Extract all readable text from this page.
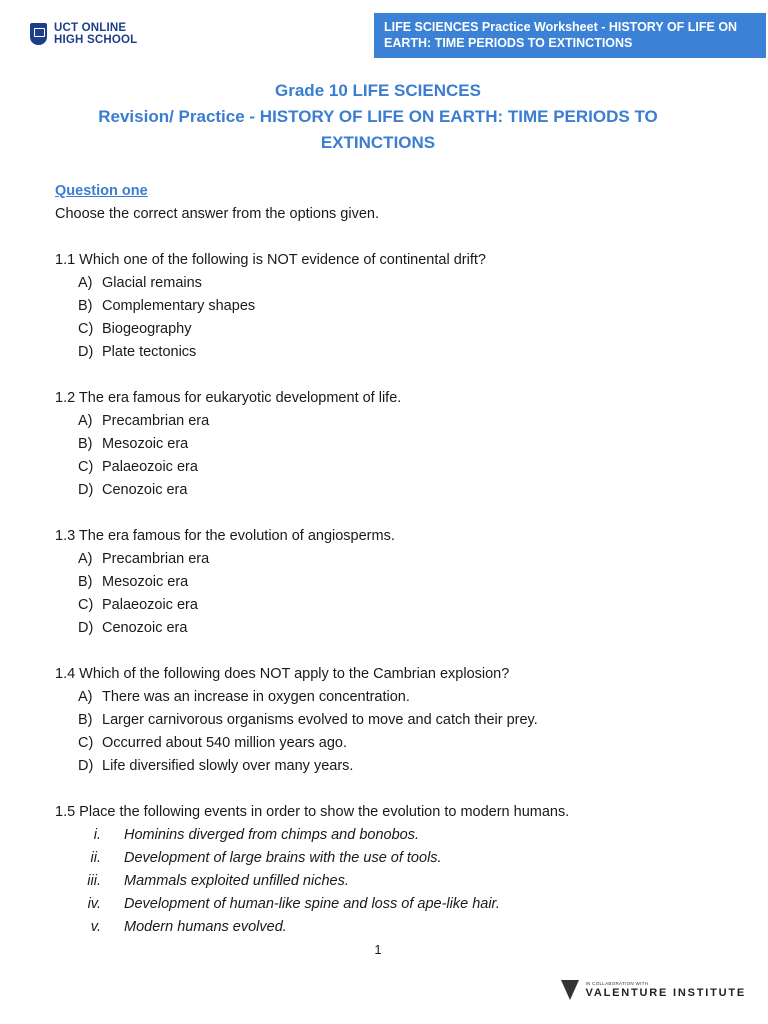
UCT ONLINE
HIGH SCHOOL
LIFE SCIENCES Practice Worksheet - HISTORY OF LIFE ON
EARTH: TIME PERIODS TO EXTINCTIONS
Grade 10 LIFE SCIENCES
Revision/ Practice - HISTORY OF LIFE ON EARTH: TIME PERIODS TO
EXTINCTIONS
Question one
Choose the correct answer from the options given.
1.1 Which one of the following is NOT evidence of continental drift?
A) Glacial remains
B) Complementary shapes
C) Biogeography
D) Plate tectonics
1.2 The era famous for eukaryotic development of life.
A) Precambrian era
B) Mesozoic era
C) Palaeozoic era
D) Cenozoic era
1.3 The era famous for the evolution of angiosperms.
A) Precambrian era
B) Mesozoic era
C) Palaeozoic era
D) Cenozoic era
1.4 Which of the following does NOT apply to the Cambrian explosion?
A) There was an increase in oxygen concentration.
B) Larger carnivorous organisms evolved to move and catch their prey.
C) Occurred about 540 million years ago.
D) Life diversified slowly over many years.
1.5 Place the following events in order to show the evolution to modern humans.
i.	Hominins diverged from chimps and bonobos.
ii.	Development of large brains with the use of tools.
iii.	Mammals exploited unfilled niches.
iv.	Development of human-like spine and loss of ape-like hair.
v.	Modern humans evolved.
1
IN COLLABORATION WITH
VALENTURE INSTITUTE
